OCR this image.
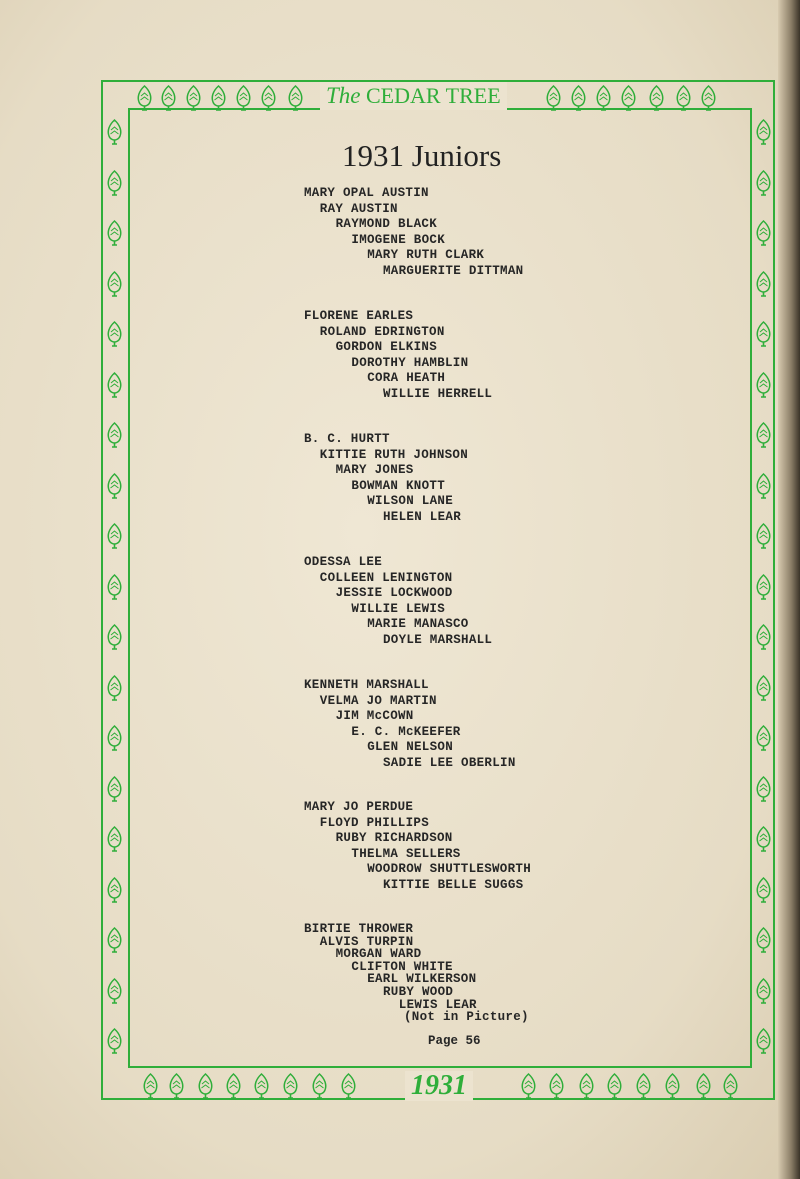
The CEDAR TREE
1931 Juniors
MARY OPAL AUSTIN
RAY AUSTIN
RAYMOND BLACK
IMOGENE BOCK
MARY RUTH CLARK
MARGUERITE DITTMAN
FLORENE EARLES
ROLAND EDRINGTON
GORDON ELKINS
DOROTHY HAMBLIN
CORA HEATH
WILLIE HERRELL
B. C. HURTT
KITTIE RUTH JOHNSON
MARY JONES
BOWMAN KNOTT
WILSON LANE
HELEN LEAR
ODESSA LEE
COLLEEN LENINGTON
JESSIE LOCKWOOD
WILLIE LEWIS
MARIE MANASCO
DOYLE MARSHALL
KENNETH MARSHALL
VELMA JO MARTIN
JIM McCOWN
E. C. McKEEFER
GLEN NELSON
SADIE LEE OBERLIN
MARY JO PERDUE
FLOYD PHILLIPS
RUBY RICHARDSON
THELMA SELLERS
WOODROW SHUTTLESWORTH
KITTIE BELLE SUGGS
BIRTIE THROWER
ALVIS TURPIN
MORGAN WARD
CLIFTON WHITE
EARL WILKERSON
RUBY WOOD
LEWIS LEAR
(Not in Picture)
Page 56
1931
